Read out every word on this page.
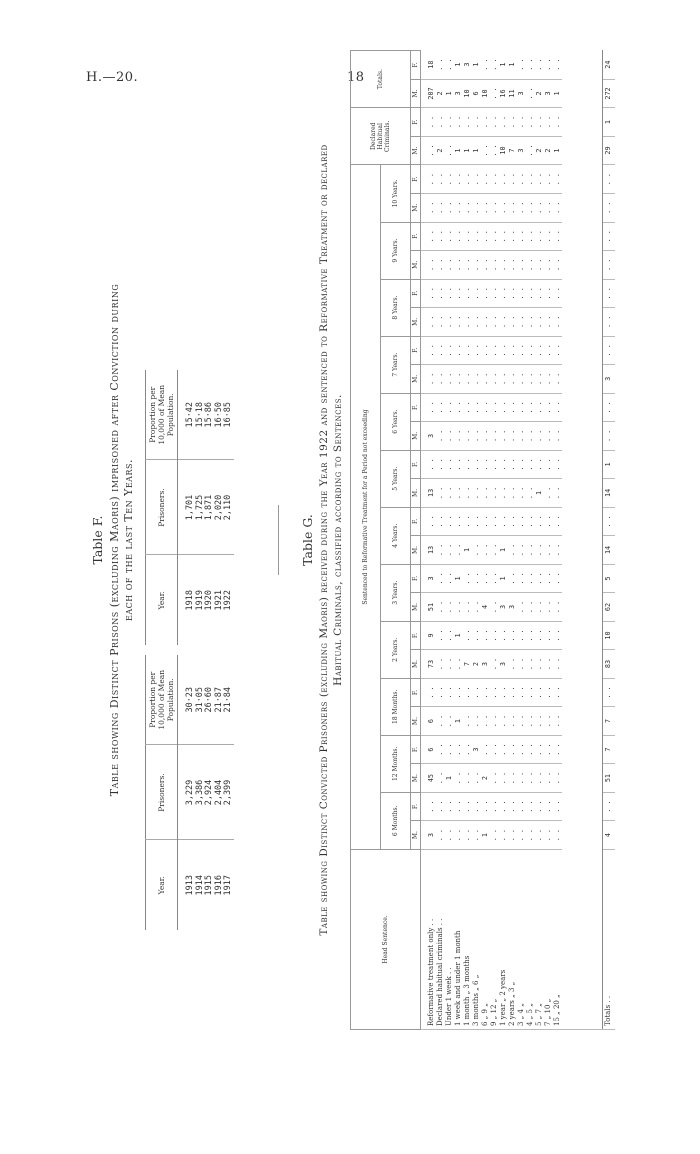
H.—20.	18
Table F. Table showing Distinct Prisons (excluding Maoris) imprisoned after Conviction during each of the last Ten Years.
Year.	Prisoners.	Proportion per 10,000 of Mean Population.
1913	3,229	30·23
1914	3,386	31·05
1915	2,924	26·60
1916	2,404	21·87
1917	2,399	21·84
Year.	Prisoners.	Proportion per 10,000 of Mean Population.
1918	1,701	15·42
1919	1,725	15·18
1920	1,871	15·86
1921	2,020	16·50
1922	2,110	16·85
Table G. Table showing Distinct Convicted Prisoners (excluding Maoris) received during the Year 1922 and sentenced to Reformative Treatment or declared Habitual Criminals, classified according to Sentences.
Head Sentence.	Sentenced to Reformative Treatment for a Period not exceeding																								Declared Habitual Criminals.		Totals.	
	6 Months.		12 Months.		18 Months.		2 Years.		3 Years.		4 Years.		5 Years.		6 Years.		7 Years.		8 Years.		9 Years.		10 Years.					
	M.	F.	M.	F.	M.	F.	M.	F.	M.	F.	M.	F.	M.	F.	M.	F.	M.	F.	M.	F.	M.	F.	M.	F.	M.	F.	M.	F.
Reformative treatment only . .	3	. .	45	6	6	. .	73	9	51	3	13	. .	13	. .	3	. .	. .	. .	. .	. .	. .	. .	. .	. .	. .	. .	207	18
Declared habitual criminals . .	. .	. .	. .	. .	. .	. .	. .	. .	. .	. .	. .	. .	. .	. .	. .	. .	. .	. .	. .	. .	. .	. .	. .	. .	2	. .	2	. .
Under 1 week . .	. .	. .	1	. .	. .	. .	. .	. .	. .	. .	. .	. .	. .	. .	. .	. .	. .	. .	. .	. .	. .	. .	. .	. .	. .	. .	1	. .
1 week and under 1 month	. .	. .	. .	. .	1	. .	. .	1	. .	1	. .	. .	. .	. .	. .	. .	. .	. .	. .	. .	. .	. .	. .	. .	1	. .	3	1
1 month „ 3 months	. .	. .	. .	. .	. .	. .	7	. .	. .	. .	1	. .	. .	. .	. .	. .	. .	. .	. .	. .	. .	. .	. .	. .	1	. .	10	3
3 months „ 6 „	. .	. .	. .	3	. .	. .	2	. .	. .	. .	. .	. .	. .	. .	. .	. .	. .	. .	. .	. .	. .	. .	. .	. .	1	. .	6	1
6 „ 9 „	1	. .	2	. .	. .	. .	3	. .	4	. .	. .	. .	. .	. .	. .	. .	. .	. .	. .	. .	. .	. .	. .	. .	. .	. .	10	. .
9 „ 12 „	. .	. .	. .	. .	. .	. .	. .	. .	. .	. .	. .	. .	. .	. .	. .	. .	. .	. .	. .	. .	. .	. .	. .	. .	. .	. .	. .	. .
1 year „ 2 years	. .	. .	. .	. .	. .	. .	3	. .	3	1	1	. .	. .	. .	. .	. .	. .	. .	. .	. .	. .	. .	. .	. .	10	. .	16	1
2 years „ 3 „	. .	. .	. .	. .	. .	. .	. .	. .	3	. .	. .	. .	. .	. .	. .	. .	. .	. .	. .	. .	. .	. .	. .	. .	7	. .	11	1
3 „ 4 „	. .	. .	. .	. .	. .	. .	. .	. .	. .	. .	. .	. .	. .	. .	. .	. .	. .	. .	. .	. .	. .	. .	. .	. .	3	. .	3	. .
4 „ 5 „	. .	. .	. .	. .	. .	. .	. .	. .	. .	. .	. .	. .	. .	. .	. .	. .	. .	. .	. .	. .	. .	. .	. .	. .	. .	. .	. .	. .
5 „ 7 „	. .	. .	. .	. .	. .	. .	. .	. .	. .	. .	. .	. .	1	. .	. .	. .	. .	. .	. .	. .	. .	. .	. .	. .	2	. .	2	. .
7 „ 10 „	. .	. .	. .	. .	. .	. .	. .	. .	. .	. .	. .	. .	. .	. .	. .	. .	. .	. .	. .	. .	. .	. .	. .	. .	2	. .	3	. .
15 „ 20 „	. .	. .	. .	. .	. .	. .	. .	. .	. .	. .	. .	. .	. .	. .	. .	. .	. .	. .	. .	. .	. .	. .	. .	. .	1	. .	1	. .

Totals . .	4	. .	51	7	7	. .	83	10	62	5	14	. .	14	1	. .	. .	3	. .	. .	. .	. .	. .	. .	. .	29	1	272	24
